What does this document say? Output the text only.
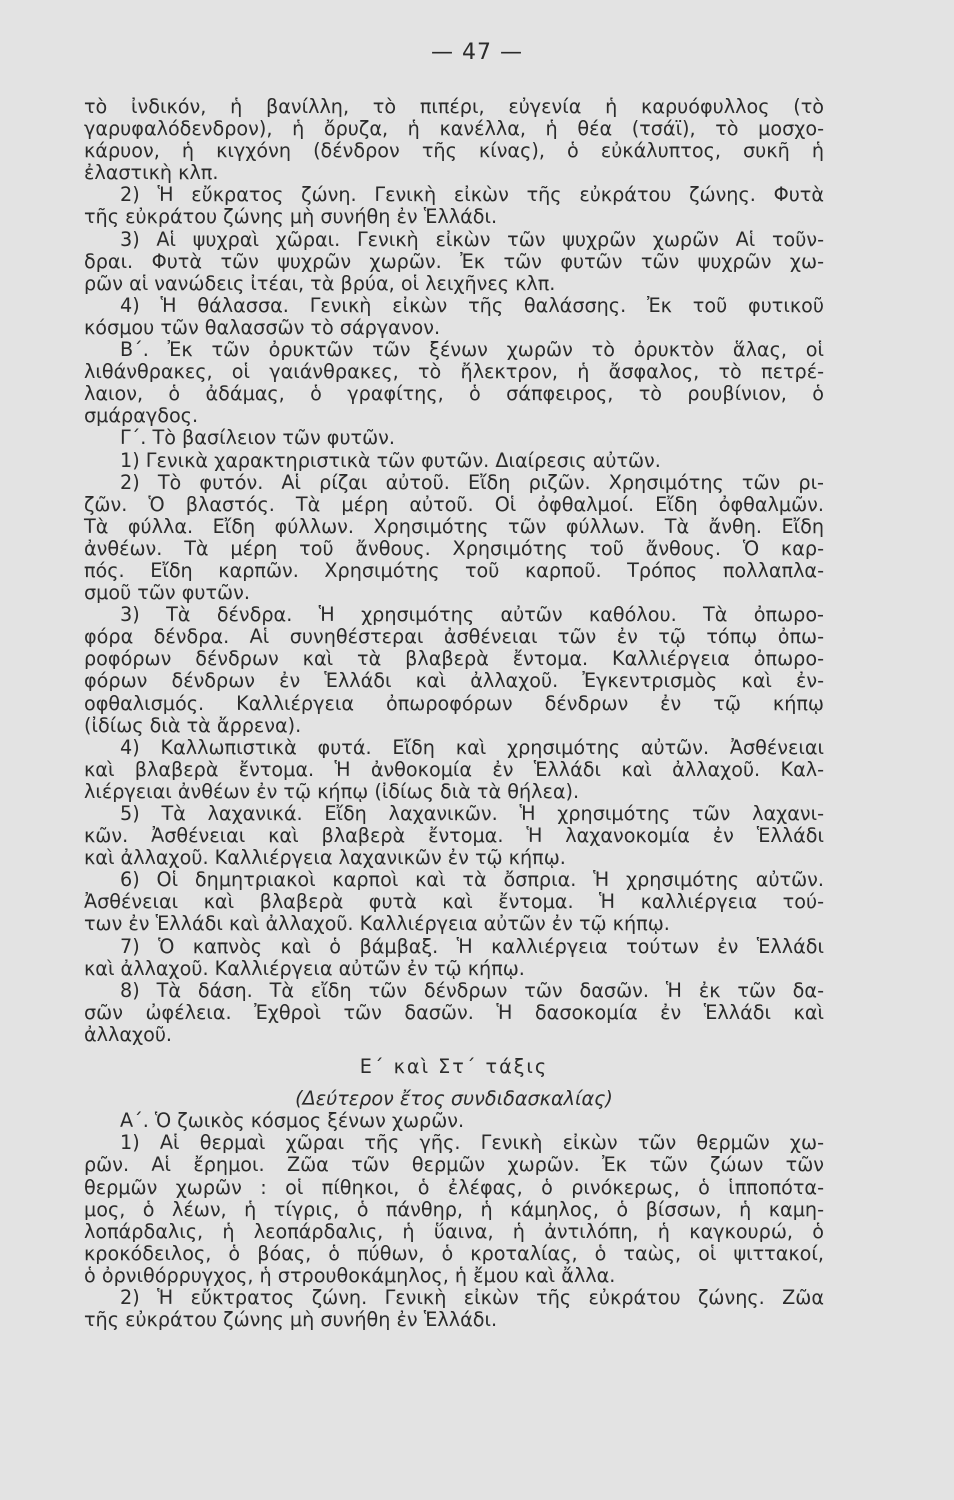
— 47 —
τὸ ἰνδικόν, ἡ βανίλλη, τὸ πιπέρι, εὐγενία ἡ καρυόφυλλος (τὸ
γαρυφαλόδενδρον), ἡ ὄρυζα, ἡ κανέλλα, ἡ θέα (τσάϊ), τὸ μοσχο-
κάρυον, ἡ κιγχόνη (δένδρον τῆς κίνας), ὁ εὐκάλυπτος, συκῆ ἡ
ἐλαστικὴ κλπ.
2) Ἡ εὔκρατος ζώνη. Γενικὴ εἰκὼν τῆς εὐκράτου ζώνης. Φυτὰ
τῆς εὐκράτου ζώνης μὴ συνήθη ἐν Ἑλλάδι.
3) Αἱ ψυχραὶ χῶραι. Γενικὴ εἰκὼν τῶν ψυχρῶν χωρῶν Αἱ τοῦν-
δραι. Φυτὰ τῶν ψυχρῶν χωρῶν. Ἐκ τῶν φυτῶν τῶν ψυχρῶν χω-
ρῶν αἱ νανώδεις ἰτέαι, τὰ βρύα, οἱ λειχῆνες κλπ.
4) Ἡ θάλασσα. Γενικὴ εἰκὼν τῆς θαλάσσης. Ἐκ τοῦ φυτικοῦ
κόσμου τῶν θαλασσῶν τὸ σάργανον.
Β΄. Ἐκ τῶν ὀρυκτῶν τῶν ξένων χωρῶν τὸ ὀρυκτὸν ἅλας, οἱ
λιθάνθρακες, οἱ γαιάνθρακες, τὸ ἤλεκτρον, ἡ ἄσφαλος, τὸ πετρέ-
λαιον, ὁ ἀδάμας, ὁ γραφίτης, ὁ σάπφειρος, τὸ ρουβίνιον, ὁ
σμάραγδος.
Γ΄. Τὸ βασίλειον τῶν φυτῶν.
1) Γενικὰ χαρακτηριστικὰ τῶν φυτῶν. Διαίρεσις αὐτῶν.
2) Τὸ φυτόν. Αἱ ρίζαι αὐτοῦ. Εἴδη ριζῶν. Χρησιμότης τῶν ρι-
ζῶν. Ὁ βλαστός. Τὰ μέρη αὐτοῦ. Οἱ ὀφθαλμοί. Εἴδη ὀφθαλμῶν.
Τὰ φύλλα. Εἴδη φύλλων. Χρησιμότης τῶν φύλλων. Τὰ ἄνθη. Εἴδη
ἀνθέων. Τὰ μέρη τοῦ ἄνθους. Χρησιμότης τοῦ ἄνθους. Ὁ καρ-
πός. Εἴδη καρπῶν. Χρησιμότης τοῦ καρποῦ. Τρόπος πολλαπλα-
σμοῦ τῶν φυτῶν.
3) Τὰ δένδρα. Ἡ χρησιμότης αὐτῶν καθόλου. Τὰ ὀπωρο-
φόρα δένδρα. Αἱ συνηθέστεραι ἀσθένειαι τῶν ἐν τῷ τόπῳ ὀπω-
ροφόρων δένδρων καὶ τὰ βλαβερὰ ἔντομα. Καλλιέργεια ὀπωρο-
φόρων δένδρων ἐν Ἑλλάδι καὶ ἀλλαχοῦ. Ἐγκεντρισμὸς καὶ ἐν-
οφθαλισμός. Καλλιέργεια ὀπωροφόρων δένδρων ἐν τῷ κήπῳ
(ἰδίως διὰ τὰ ἄρρενα).
4) Καλλωπιστικὰ φυτά. Εἴδη καὶ χρησιμότης αὐτῶν. Ἀσθένειαι
καὶ βλαβερὰ ἔντομα. Ἡ ἀνθοκομία ἐν Ἑλλάδι καὶ ἀλλαχοῦ. Καλ-
λιέργειαι ἀνθέων ἐν τῷ κήπῳ (ἰδίως διὰ τὰ θήλεα).
5) Τὰ λαχανικά. Εἴδη λαχανικῶν. Ἡ χρησιμότης τῶν λαχανι-
κῶν. Ἀσθένειαι καὶ βλαβερὰ ἔντομα. Ἡ λαχανοκομία ἐν Ἑλλάδι
καὶ ἀλλαχοῦ. Καλλιέργεια λαχανικῶν ἐν τῷ κήπῳ.
6) Οἱ δημητριακοὶ καρποὶ καὶ τὰ ὄσπρια. Ἡ χρησιμότης αὐτῶν.
Ἀσθένειαι καὶ βλαβερὰ φυτὰ καὶ ἔντομα. Ἡ καλλιέργεια τού-
των ἐν Ἑλλάδι καὶ ἀλλαχοῦ. Καλλιέργεια αὐτῶν ἐν τῷ κήπῳ.
7) Ὁ καπνὸς καὶ ὁ βάμβαξ. Ἡ καλλιέργεια τούτων ἐν Ἑλλάδι
καὶ ἀλλαχοῦ. Καλλιέργεια αὐτῶν ἐν τῷ κήπῳ.
8) Τὰ δάση. Τὰ εἴδη τῶν δένδρων τῶν δασῶν. Ἡ ἐκ τῶν δα-
σῶν ὠφέλεια. Ἐχθροὶ τῶν δασῶν. Ἡ δασοκομία ἐν Ἑλλάδι καὶ
ἀλλαχοῦ.
Ε΄ καὶ Στ΄ τάξις
(Δεύτερον ἔτος συνδιδασκαλίας)
Α΄. Ὁ ζωικὸς κόσμος ξένων χωρῶν.
1) Αἱ θερμαὶ χῶραι τῆς γῆς. Γενικὴ εἰκὼν τῶν θερμῶν χω-
ρῶν. Αἱ ἔρημοι. Ζῶα τῶν θερμῶν χωρῶν. Ἐκ τῶν ζώων τῶν
θερμῶν χωρῶν : οἱ πίθηκοι, ὁ ἐλέφας, ὁ ρινόκερως, ὁ ἱπποπότα-
μος, ὁ λέων, ἡ τίγρις, ὁ πάνθηρ, ἡ κάμηλος, ὁ βίσσων, ἡ καμη-
λοπάρδαλις, ἡ λεοπάρδαλις, ἡ ὕαινα, ἡ ἀντιλόπη, ἡ καγκουρώ, ὁ
κροκόδειλος, ὁ βόας, ὁ πύθων, ὁ κροταλίας, ὁ ταὼς, οἱ ψιττακοί,
ὁ ὀρνιθόρρυγχος, ἡ στρουθοκάμηλος, ἡ ἔμου καὶ ἄλλα.
2) Ἡ εὔκτρατος ζώνη. Γενικὴ εἰκὼν τῆς εὐκράτου ζώνης. Ζῶα
τῆς εὐκράτου ζώνης μὴ συνήθη ἐν Ἑλλάδι.
